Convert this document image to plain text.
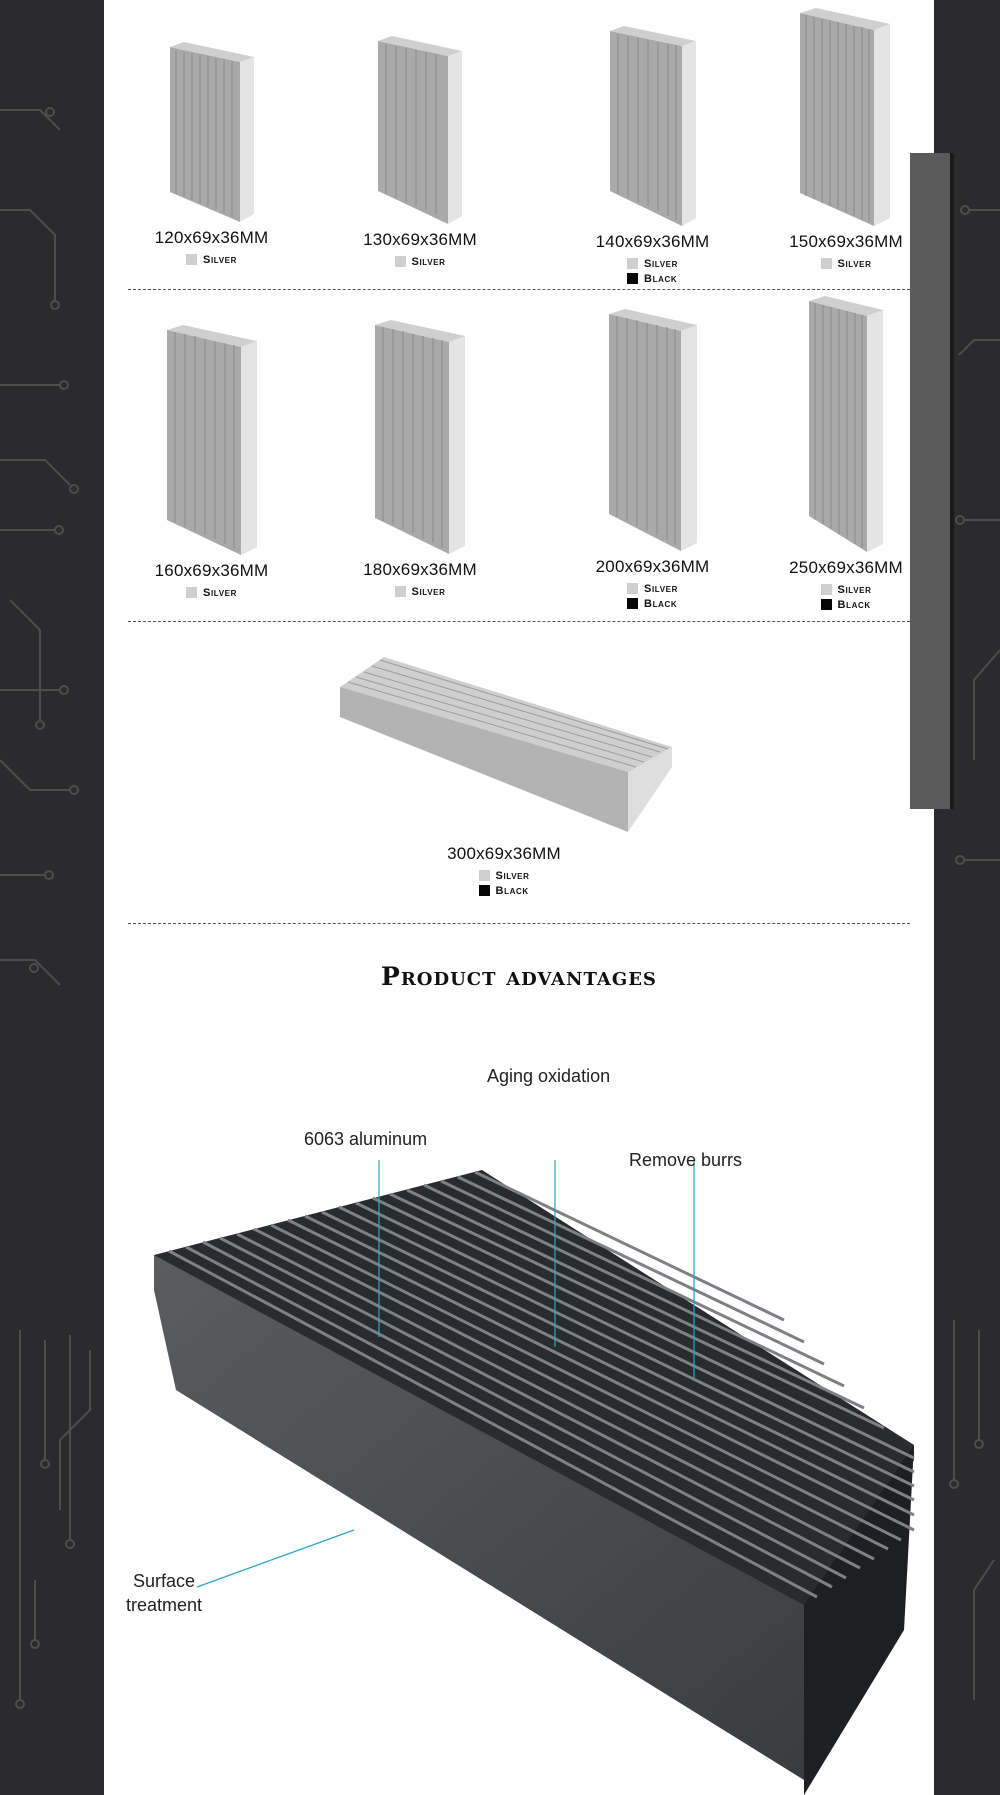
120x69x36MM
Silver
130x69x36MM
Silver
140x69x36MM
Silver
Black
150x69x36MM
Silver
160x69x36MM
Silver
180x69x36MM
Silver
200x69x36MM
Silver
Black
250x69x36MM
Silver
Black
300x69x36MM
Silver
Black
Product advantages
Aging oxidation
6063 aluminum
Remove burrs
Surface
treatment
